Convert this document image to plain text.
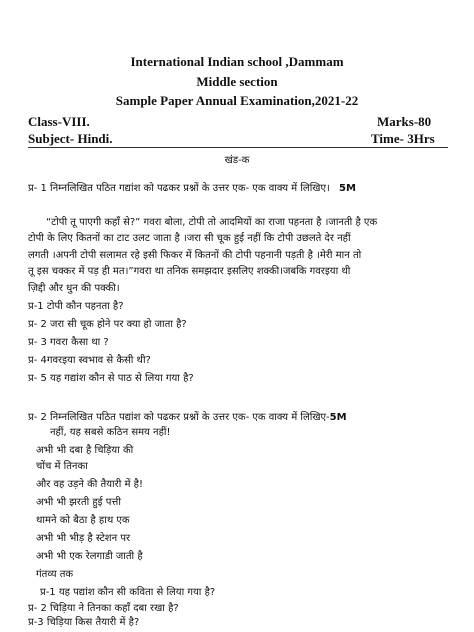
International Indian school ,Dammam
Middle section
Sample Paper Annual Examination,2021-22
Class-VIII.	Marks-80
Subject- Hindi.	Time- 3Hrs
खंड-क
प्र- 1 निम्नलिखित पठित गद्यांश को पढकर प्रश्नों के उत्तर एक- एक वाक्य में लिखिए। 5M
“टोपी तू पाएगी कहाँ से?” गवरा बोला, टोपी तो आदमियों का राजा पहनता है ।जानती है एक
टोपी के लिए कितनों का टाट उलट जाता है ।जरा सी चूक हुई नहीं कि टोपी उछलते देर नहीं
लगती ।अपनी टोपी सलामत रहे इसी फिकर में कितनों की टोपी पहनानी पड़ती है ।मेरी मान तो
तू इस चक्कर में पड़ ही मत।”गवरा था तनिक समझदार इसलिए शक्की।जबकि गवरइया थी
ज़िद्दी और धुन की पक्की।
प्र-1 टोपी कौन पहनता है?
प्र- 2 जरा सी चूक होने पर क्या हो जाता है?
प्र- 3 गवरा कैसा था ?
प्र- 4गवरइया स्वभाव से कैसी थी?
प्र- 5 यह गद्यांश कौन से पाठ से लिया गया है?
प्र- 2 निम्नलिखित पठित पद्यांश को पढकर प्रश्नों के उत्तर एक- एक वाक्य में लिखिए-5M
नहीं, यह सबसे कठिन समय नहीं!
अभी भी दबा है चिड़िया की
चोंच में तिनका
और वह उड़ने की तैयारी में है!
अभी भी झरती हुई पत्ती
थामने को बैठा है हाथ एक
अभी भी भीड़ है स्टेशन पर
अभी भी एक रेलगाडी जाती है
गंतव्य तक
प्र-1 यह पद्यांश कौन सी कविता से लिया गया है?
प्र- 2 चिड़िया ने तिनका कहाँ दबा रखा है?
प्र-3 चिड़िया किस तैयारी में है?
